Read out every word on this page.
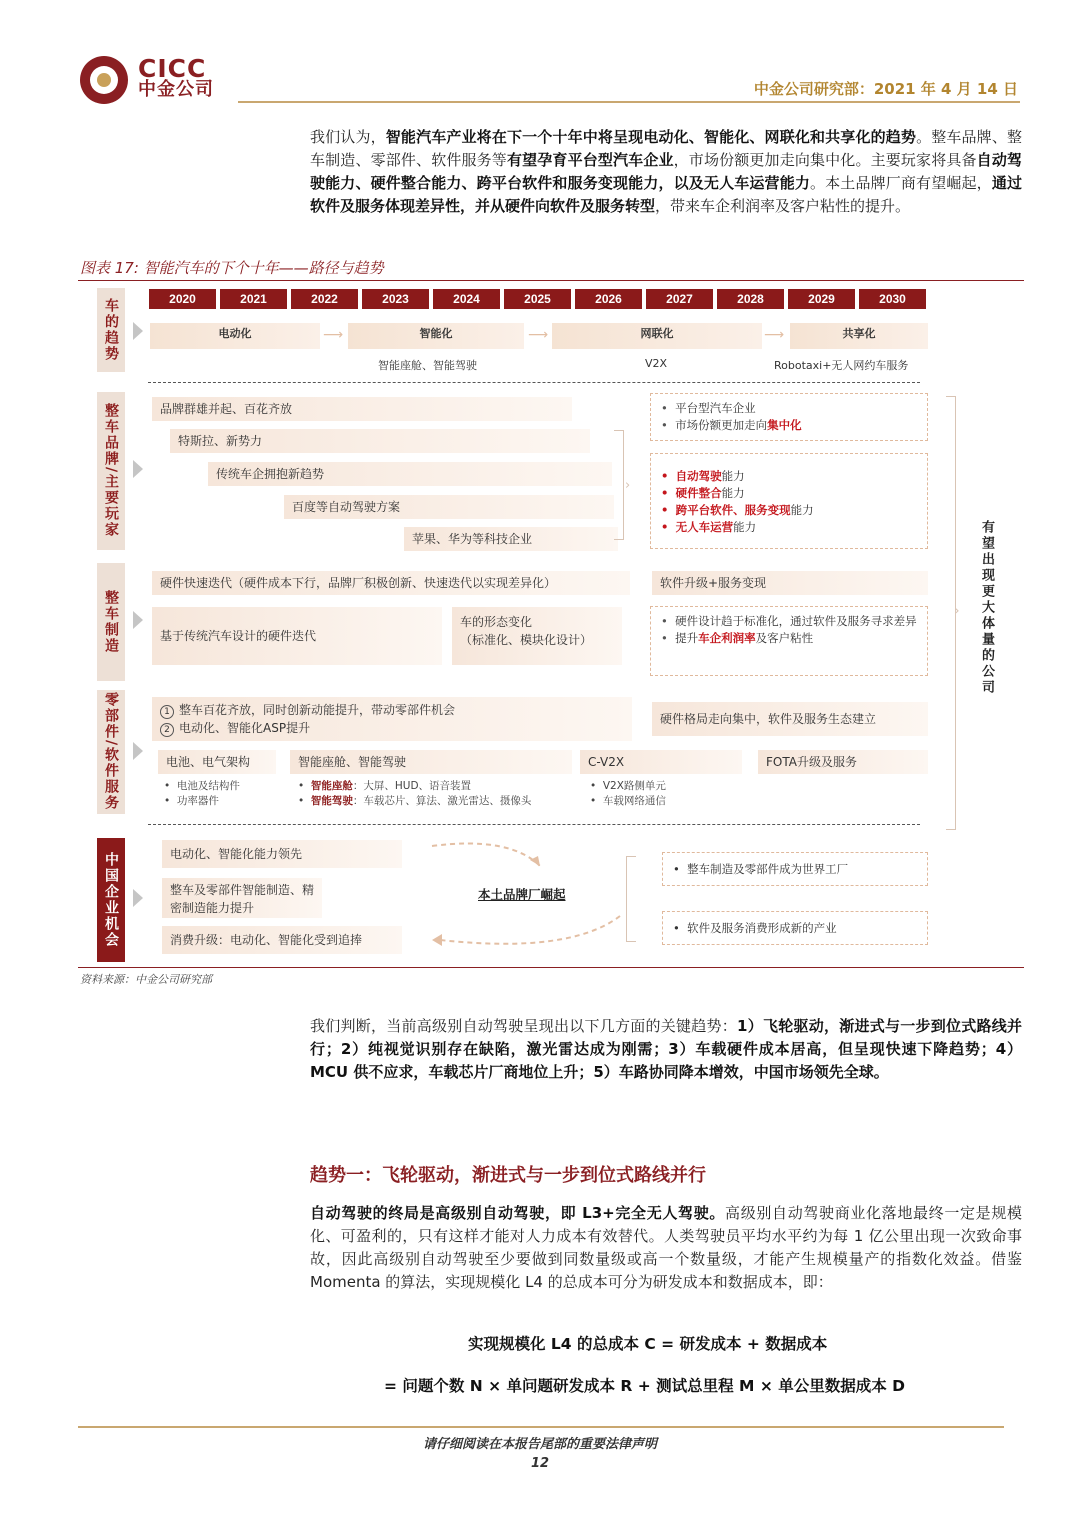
CICC
中金公司	中金公司研究部：2021 年 4 月 14 日
我们认为，智能汽车产业将在下一个十年中将呈现电动化、智能化、网联化和共享化的趋势。整车品牌、整车制造、零部件、软件服务等有望孕育平台型汽车企业，市场份额更加走向集中化。主要玩家将具备自动驾驶能力、硬件整合能力、跨平台软件和服务变现能力，以及无人车运营能力。本土品牌厂商有望崛起，通过软件及服务体现差异性，并从硬件向软件及服务转型，带来车企利润率及客户粘性的提升。
图表 17: 智能汽车的下个十年——路径与趋势
2020	2021	2022	2023	2024	2025	2026	2027	2028	2029	2030
车的趋势
整车品牌/主要玩家
整车制造
零部件/软件服务
中国企业机会
电动化	⟶	智能化	⟶	网联化	⟶	共享化
智能座舱、智能驾驶	V2X	Robotaxi+无人网约车服务
品牌群雄并起、百花齐放
特斯拉、新势力
传统车企拥抱新趋势
百度等自动驾驶方案
苹果、华为等科技企业
›
• 平台型汽车企业
• 市场份额更加走向集中化
• 自动驾驶能力
• 硬件整合能力
• 跨平台软件、服务变现能力
• 无人车运营能力
硬件快速迭代（硬件成本下行，品牌厂积极创新、快速迭代以实现差异化）
基于传统汽车设计的硬件迭代
车的形态变化
（标准化、模块化设计）
软件升级+服务变现
• 硬件设计趋于标准化，通过软件及服务寻求差异
• 提升车企利润率及客户粘性
1 整车百花齐放，同时创新动能提升，带动零部件机会
2 电动化、智能化ASP提升
硬件格局走向集中，软件及服务生态建立
电池、电气架构	智能座舱、智能驾驶	C-V2X	FOTA升级及服务
•  电池及结构件
•  功率器件
•  智能座舱：大屏、HUD、语音装置
•  智能驾驶：车载芯片、算法、激光雷达、摄像头
•  V2X路侧单元
•  车载网络通信
› 有望出现更大体量的公司
电动化、智能化能力领先
整车及零部件智能制造、精密制造能力提升
消费升级：电动化、智能化受到追捧
本土品牌厂崛起
•  整车制造及零部件成为世界工厂
•  软件及服务消费形成新的产业
资料来源：中金公司研究部
我们判断，当前高级别自动驾驶呈现出以下几方面的关键趋势：1）飞轮驱动，渐进式与一步到位式路线并行；2）纯视觉识别存在缺陷，激光雷达成为刚需；3）车载硬件成本居高，但呈现快速下降趋势；4）MCU 供不应求，车载芯片厂商地位上升；5）车路协同降本增效，中国市场领先全球。
趋势一：飞轮驱动，渐进式与一步到位式路线并行
自动驾驶的终局是高级别自动驾驶，即 L3+完全无人驾驶。高级别自动驾驶商业化落地最终一定是规模化、可盈利的，只有这样才能对人力成本有效替代。人类驾驶员平均水平约为每 1 亿公里出现一次致命事故，因此高级别自动驾驶至少要做到同数量级或高一个数量级，才能产生规模量产的指数化效益。借鉴 Momenta 的算法，实现规模化 L4 的总成本可分为研发成本和数据成本，即：
实现规模化 L4 的总成本 C = 研发成本 + 数据成本
= 问题个数 N × 单问题研发成本 R + 测试总里程 M × 单公里数据成本 D
请仔细阅读在本报告尾部的重要法律声明
12
